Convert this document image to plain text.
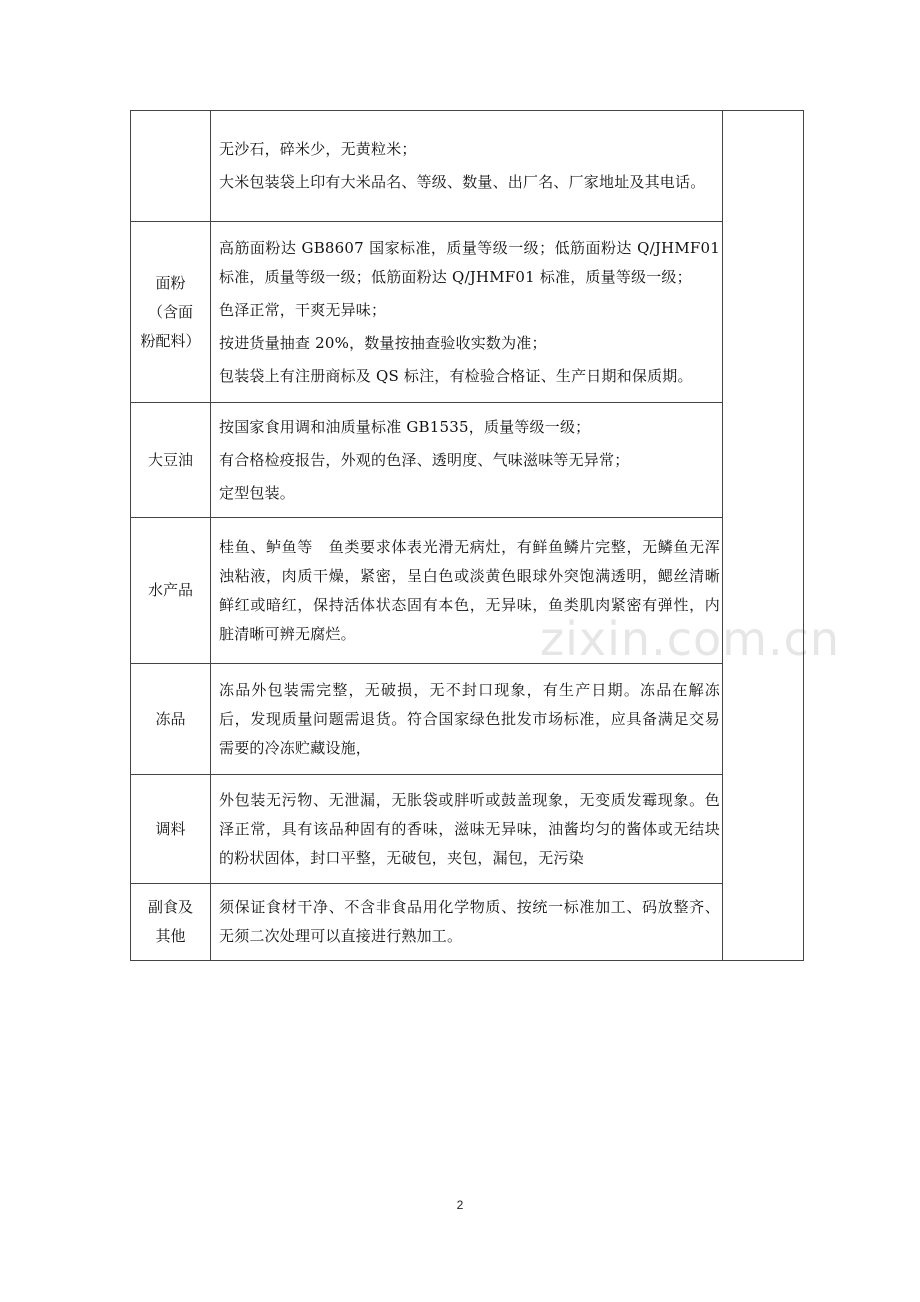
zixin.com.cn

	无沙石，碎米少，无黄粒米；
大米包装袋上印有大米品名、等级、数量、出厂名、厂家地址及其电话。	

面粉
（含面
粉配料）	高筋面粉达 GB8607 国家标准，质量等级一级；低筋面粉达 Q/JHMF01 标准，质量等级一级；低筋面粉达 Q/JHMF01 标准，质量等级一级；
色泽正常，干爽无异味；
按进货量抽查 20%，数量按抽查验收实数为准；
包装袋上有注册商标及 QS 标注，有检验合格证、生产日期和保质期。	

大豆油	按国家食用调和油质量标准 GB1535，质量等级一级；
有合格检疫报告，外观的色泽、透明度、气味滋味等无异常；
定型包装。	

水产品	桂鱼、鲈鱼等　鱼类要求体表光滑无病灶，有鲜鱼鳞片完整，无鳞鱼无浑浊粘液，肉质干燥，紧密，呈白色或淡黄色眼球外突饱满透明，鳃丝清晰鲜红或暗红，保持活体状态固有本色，无异味，鱼类肌肉紧密有弹性，内脏清晰可辨无腐烂。	

冻品	冻品外包装需完整，无破损，无不封口现象，有生产日期。冻品在解冻后，发现质量问题需退货。符合国家绿色批发市场标准，应具备满足交易需要的冷冻贮藏设施，	

调料	外包装无污物、无泄漏，无胀袋或胖听或鼓盖现象，无变质发霉现象。色泽正常，具有该品种固有的香味，滋味无异味，油酱均匀的酱体或无结块的粉状固体，封口平整，无破包，夹包，漏包，无污染	

副食及
其他	须保证食材干净、不含非食品用化学物质、按统一标准加工、码放整齐、无须二次处理可以直接进行熟加工。	
2
